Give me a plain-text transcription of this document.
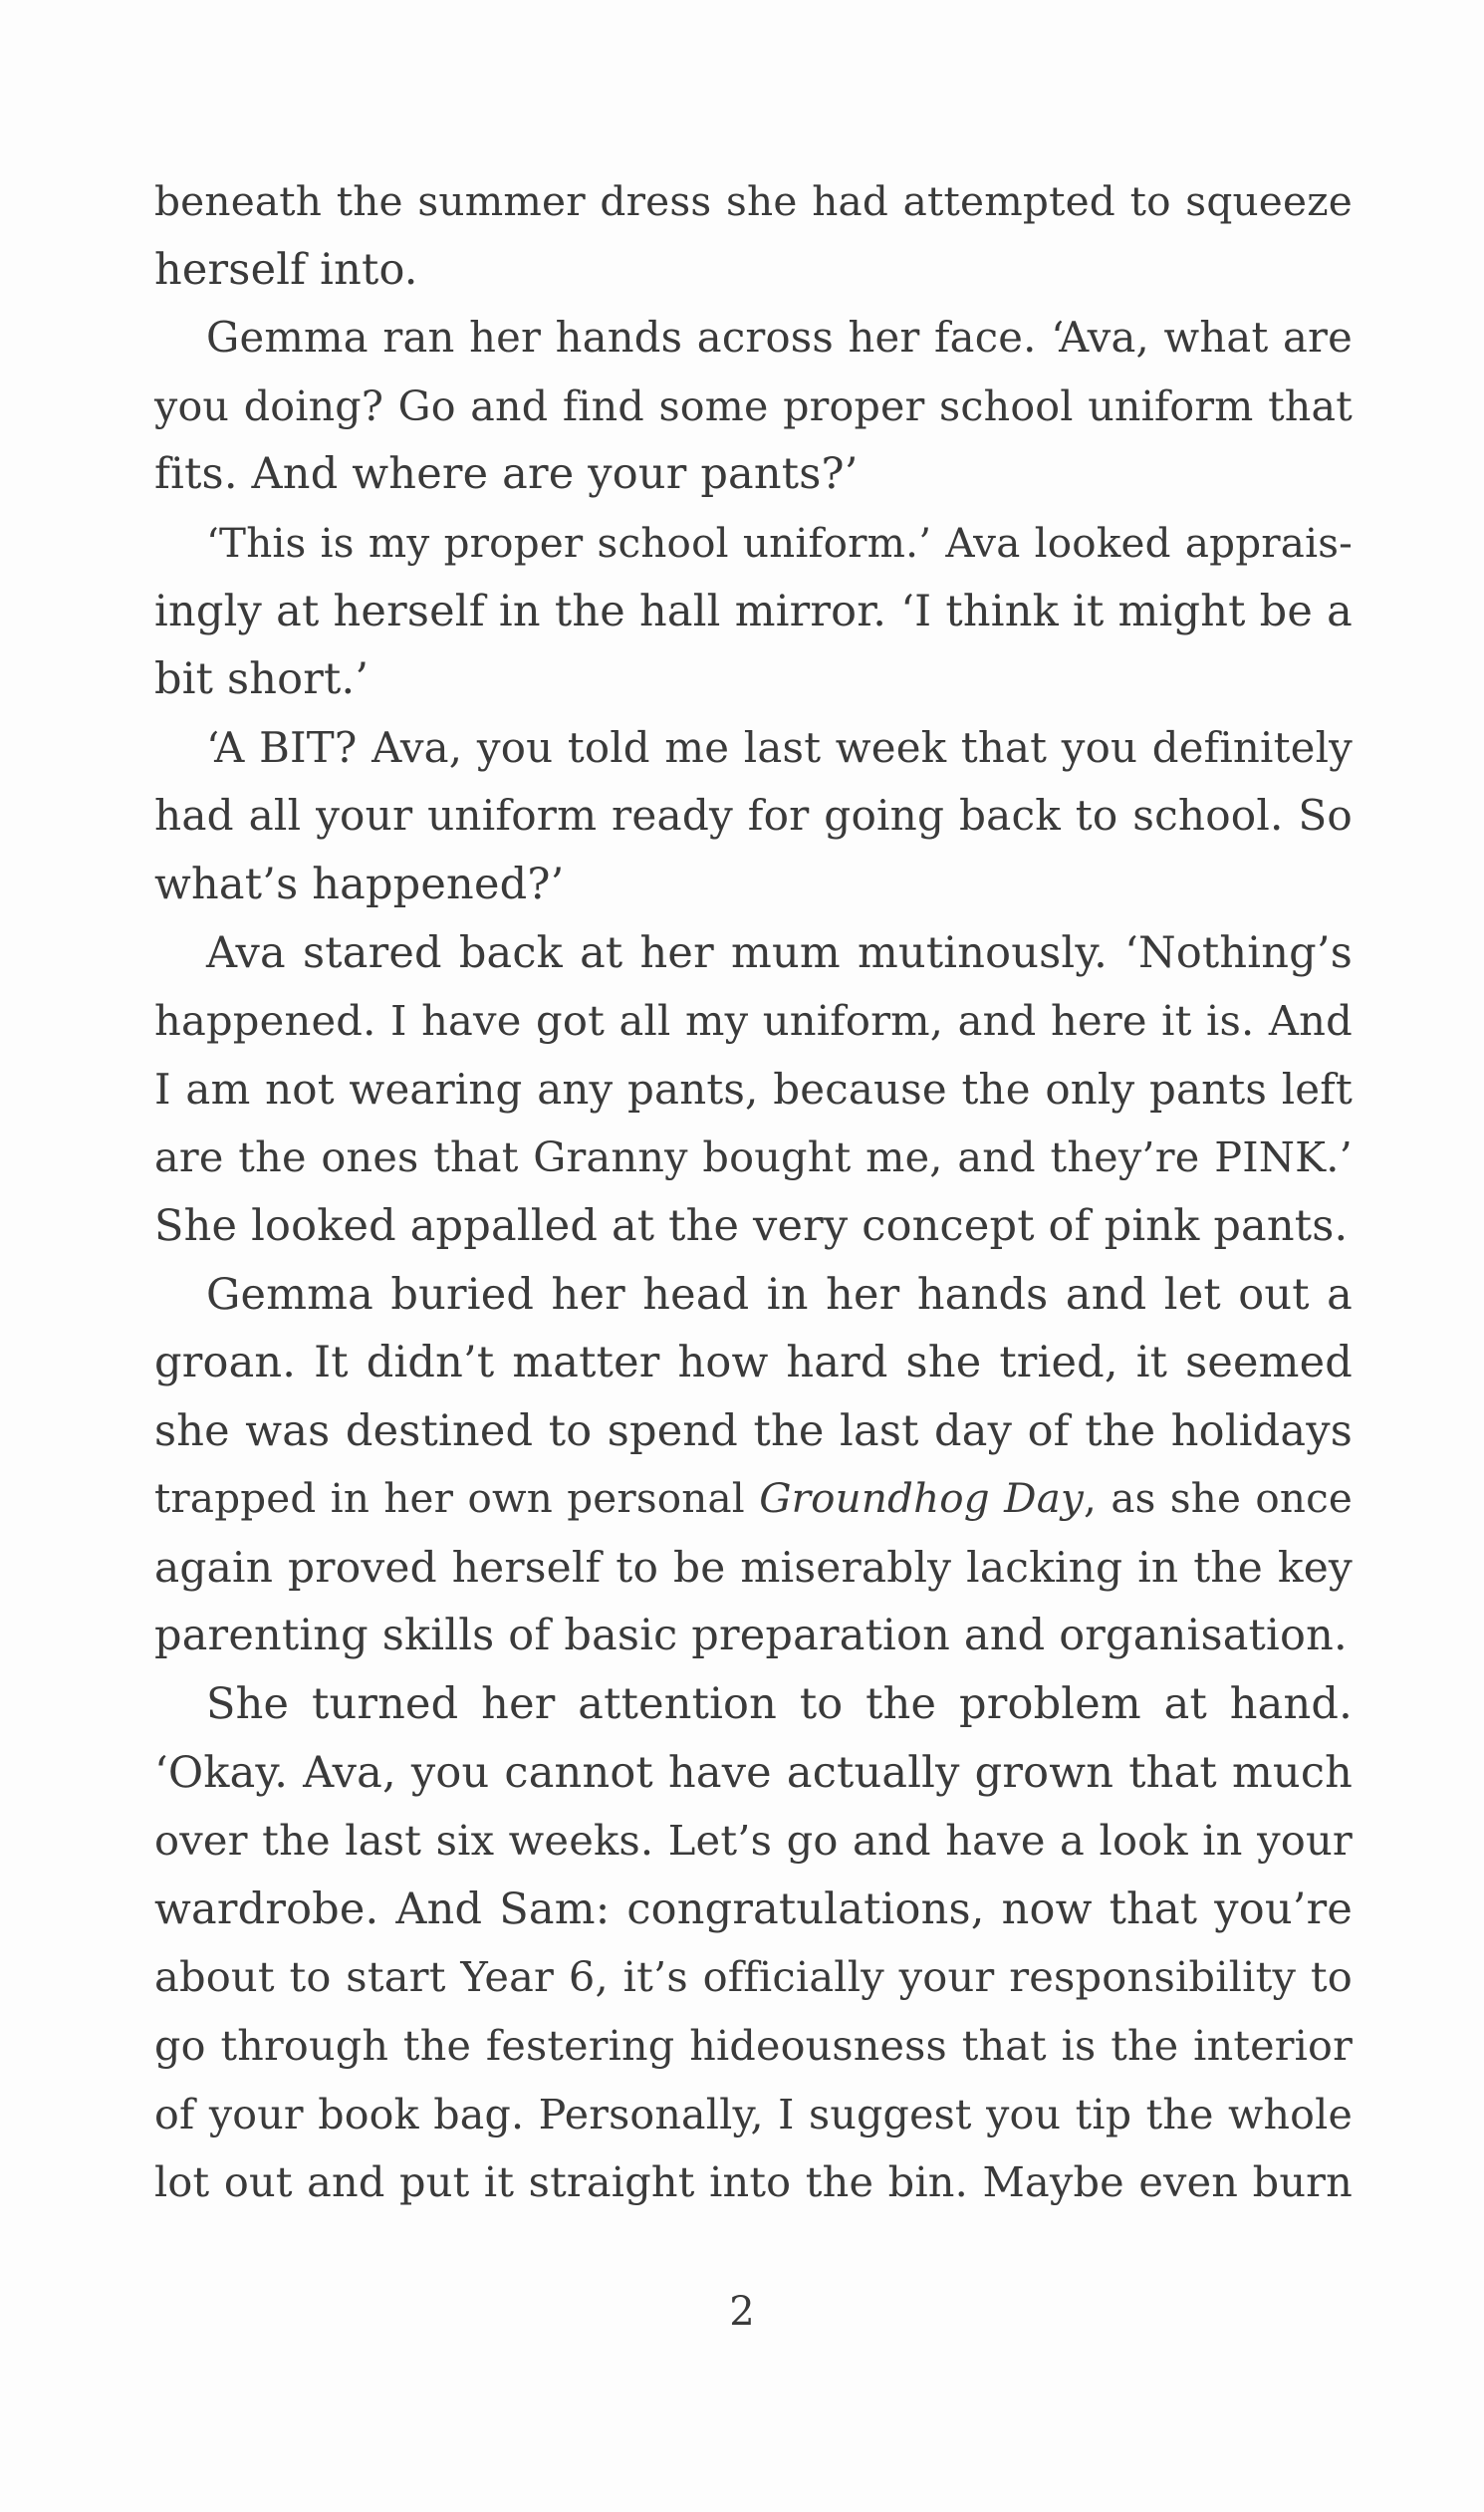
beneath the summer dress she had attempted to squeeze
herself into.
Gemma ran her hands across her face. ‘Ava, what are
you doing? Go and find some proper school uniform that
fits. And where are your pants?’
‘This is my proper school uniform.’ Ava looked apprais-
ingly at herself in the hall mirror. ‘I think it might be a
bit short.’
‘A BIT? Ava, you told me last week that you definitely
had all your uniform ready for going back to school. So
what’s happened?’
Ava stared back at her mum mutinously. ‘Nothing’s
happened. I have got all my uniform, and here it is. And
I am not wearing any pants, because the only pants left
are the ones that Granny bought me, and they’re PINK.’
She looked appalled at the very concept of pink pants.
Gemma buried her head in her hands and let out a
groan. It didn’t matter how hard she tried, it seemed
she was destined to spend the last day of the holidays
trapped in her own personal Groundhog Day, as she once
again proved herself to be miserably lacking in the key
parenting skills of basic preparation and organisation.
She turned her attention to the problem at hand.
‘Okay. Ava, you cannot have actually grown that much
over the last six weeks. Let’s go and have a look in your
wardrobe. And Sam: congratulations, now that you’re
about to start Year 6, it’s officially your responsibility to
go through the festering hideousness that is the interior
of your book bag. Personally, I suggest you tip the whole
lot out and put it straight into the bin. Maybe even burn
2
